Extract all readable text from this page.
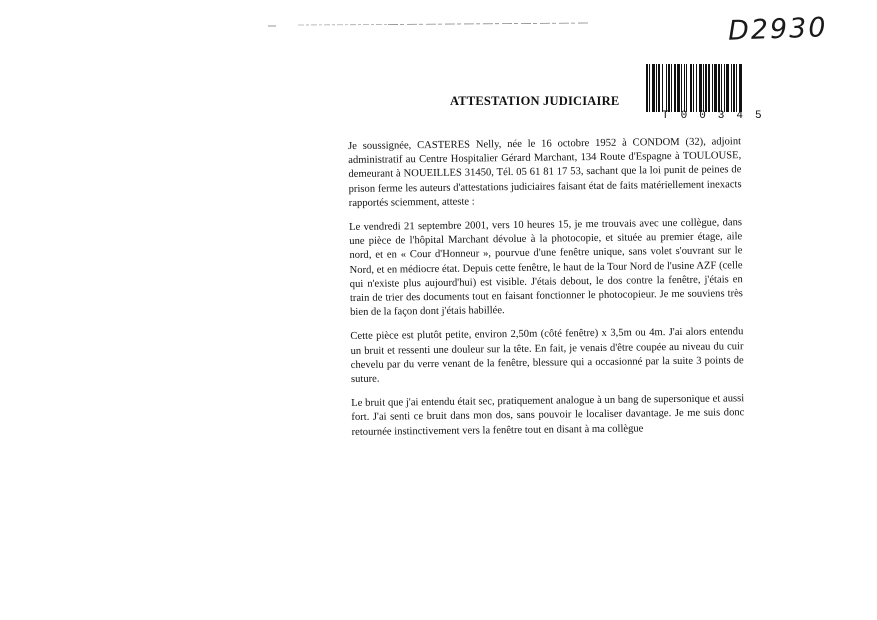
D2930
T00345
ATTESTATION JUDICIAIRE

Je soussignée, CASTERES Nelly, née le 16 octobre 1952 à CONDOM (32), adjoint administratif au Centre Hospitalier Gérard Marchant, 134 Route d'Espagne à TOULOUSE, demeurant à NOUEILLES 31450, Tél. 05 61 81 17 53, sachant que la loi punit de peines de prison ferme les auteurs d'attestations judiciaires faisant état de faits matériellement inexacts rapportés sciemment, atteste :

Le vendredi 21 septembre 2001, vers 10 heures 15, je me trouvais avec une collègue, dans une pièce de l'hôpital Marchant dévolue à la photocopie, et située au premier étage, aile nord, et en « Cour d'Honneur », pourvue d'une fenêtre unique, sans volet s'ouvrant sur le Nord, et en médiocre état. Depuis cette fenêtre, le haut de la Tour Nord de l'usine AZF (celle qui n'existe plus aujourd'hui) est visible. J'étais debout, le dos contre la fenêtre, j'étais en train de trier des documents tout en faisant fonctionner le photocopieur. Je me souviens très bien de la façon dont j'étais habillée.

Cette pièce est plutôt petite, environ 2,50m (côté fenêtre) x 3,5m ou 4m. J'ai alors entendu un bruit et ressenti une douleur sur la tête. En fait, je venais d'être coupée au niveau du cuir chevelu par du verre venant de la fenêtre, blessure qui a occasionné par la suite 3 points de suture.

Le bruit que j'ai entendu était sec, pratiquement analogue à un bang de supersonique et aussi fort. J'ai senti ce bruit dans mon dos, sans pouvoir le localiser davantage. Je me suis donc retournée instinctivement vers la fenêtre tout en disant à ma collègue
